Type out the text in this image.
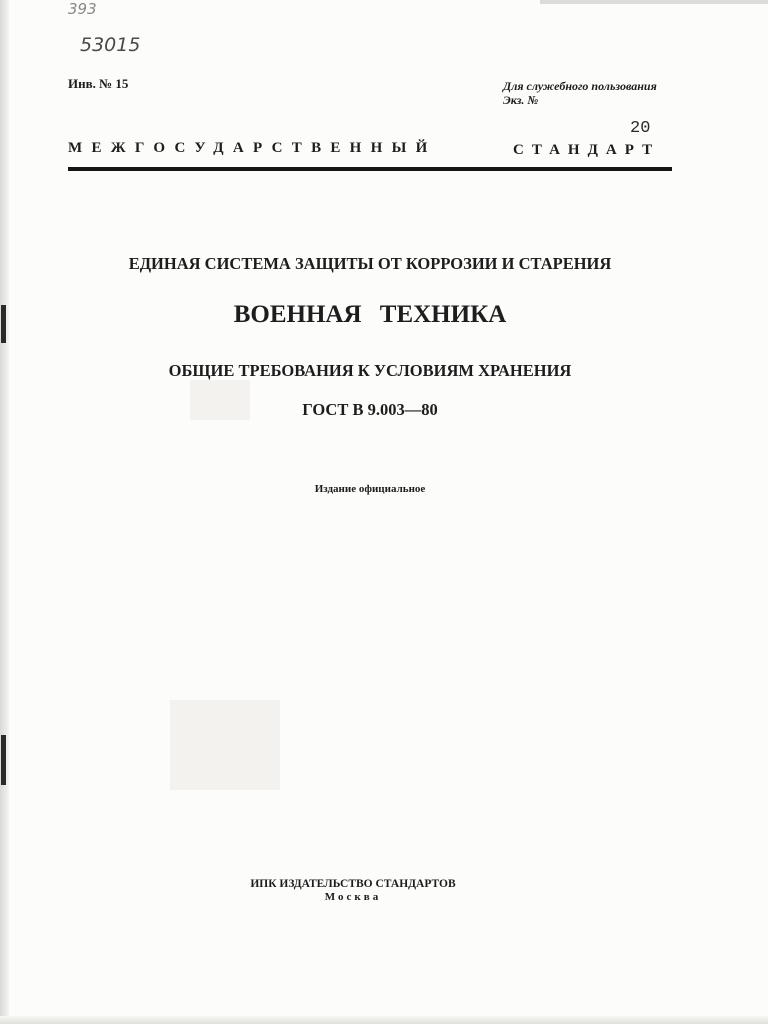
393
53015
Инв. № 15	Для служебного пользования
Экз. №
20
МЕЖГОСУДАРСТВЕННЫЙ	СТАНДАРТ
ЕДИНАЯ СИСТЕМА ЗАЩИТЫ ОТ КОРРОЗИИ И СТАРЕНИЯ
ВОЕННАЯ ТЕХНИКА
ОБЩИЕ ТРЕБОВАНИЯ К УСЛОВИЯМ ХРАНЕНИЯ
ГОСТ В 9.003—80
Издание официальное
ИПК ИЗДАТЕЛЬСТВО СТАНДАРТОВ
Москва
